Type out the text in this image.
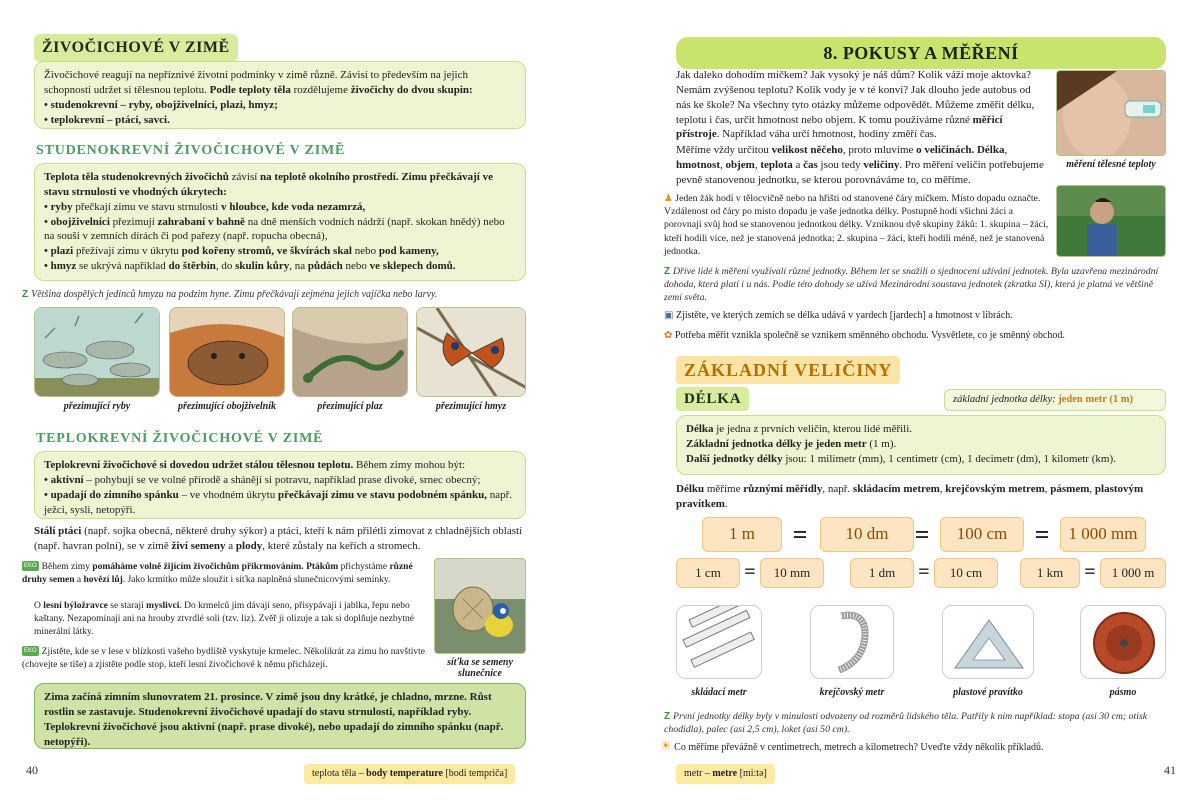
ŽIVOČICHOVÉ V ZIMĚ

Živočichové reagují na nepříznivé životní podmínky v zimě různě. Závisí to především na jejich schopnosti udržet si tělesnou teplotu. Podle teploty těla rozdělujeme živočichy do dvou skupin:

• studenokrevní – ryby, obojživelníci, plazi, hmyz;

• teplokrevní – ptáci, savci.

STUDENOKREVNÍ ŽIVOČICHOVÉ V ZIMĚ

Teplota těla studenokrevných živočichů závisí na teplotě okolního prostředí. Zimu přečkávají ve stavu strnulosti ve vhodných úkrytech:

• ryby přečkají zimu ve stavu strnulosti v hloubce, kde voda nezamrzá,

• obojživelníci přezimují zahrabaní v bahně na dně menších vodních nádrží (např. skokan hnědý) nebo na souši v zemních dírách či pod pařezy (např. ropucha obecná),

• plazi přežívají zimu v úkrytu pod kořeny stromů, ve škvírách skal nebo pod kameny,

• hmyz se ukrývá například do štěrbin, do skulin kůry, na půdách nebo ve sklepech domů.

Z Většina dospělých jedinců hmyzu na podzim hyne. Zimu přečkávají zejména jejich vajíčka nebo larvy.
přezimující ryby	přezimující obojživelník	přezimující plaz	přezimující hmyz
TEPLOKREVNÍ ŽIVOČICHOVÉ V ZIMĚ

Teplokrevní živočichové si dovedou udržet stálou tělesnou teplotu. Během zimy mohou být:

• aktivní – pohybují se ve volné přírodě a shánějí si potravu, například prase divoké, srnec obecný;

• upadají do zimního spánku – ve vhodném úkrytu přečkávají zimu ve stavu podobném spánku, např. ježci, sysli, netopýři.

Stálí ptáci (např. sojka obecná, některé druhy sýkor) a ptáci, kteří k nám přilétli zimovat z chladnějších oblastí (např. havran polní), se v zimě živí semeny a plody, které zůstaly na keřích a stromech.
EKO Během zimy pomáháme volně žijícím živočichům přikrmováním. Ptákům přichystáme různé druhy semen a hovězí lůj. Jako krmítko může sloužit i síťka naplněná slunečnicovými semínky.
O lesní býložravce se starají myslivci. Do krmelců jim dávají seno, přisypávají i jablka, řepu nebo kaštany. Nezapomínají ani na hrouby ztvrdlé soli (tzv. liz). Zvěř ji olizuje a tak si doplňuje nezbytné minerální látky.
EKO Zjistěte, kde se v lese v blízkosti vašeho bydliště vyskytuje krmelec. Několikrát za zimu ho navštivte (chovejte se tiše) a zjistěte podle stop, kteří lesní živočichové k němu přicházejí.	síťka se semeny
slunečnice
Zima začíná zimním slunovratem 21. prosince. V zimě jsou dny krátké, je chladno, mrzne. Růst rostlin se zastavuje. Studenokrevní živočichové upadají do stavu strnulosti, například ryby. Teplokrevní živočichové jsou aktivní (např. prase divoké), nebo upadají do zimního spánku (např. netopýři).
40	teplota těla – body temperature [bodi tempriča]
8. POKUSY A MĚŘENÍ
Jak daleko dohodím míčkem? Jak vysoký je náš dům? Kolik váží moje aktovka? Nemám zvýšenou teplotu? Kolik vody je v té konvi? Jak dlouho jede autobus od nás ke škole? Na všechny tyto otázky můžeme odpovědět. Můžeme změřit délku, teplotu i čas, určit hmotnost nebo objem. K tomu používáme různé měřicí přístroje. Například váha určí hmotnost, hodiny změří čas.
Měříme vždy určitou velikost něčeho, proto mluvíme o veličinách. Délka, hmotnost, objem, teplota a čas jsou tedy veličiny. Pro měření veličin potřebujeme pevně stanovenou jednotku, se kterou porovnáváme to, co měříme.
měření tělesné teploty
♟ Jeden žák hodí v tělocvičně nebo na hřišti od stanovené čáry míčkem. Místo dopadu označte. Vzdálenost od čáry po místo dopadu je vaše jednotka délky. Postupně hodí všichni žáci a porovnají svůj hod se stanovenou jednotkou délky. Vzniknou dvě skupiny žáků: 1. skupina – žáci, kteří hodili více, než je stanovená jednotka; 2. skupina – žáci, kteří hodili méně, než je stanovená jednotka.
Z Dříve lidé k měření využívali různé jednotky. Během let se snažili o sjednocení užívání jednotek. Byla uzavřena mezinárodní dohoda, která platí i u nás. Podle této dohody se užívá Mezinárodní soustava jednotek (zkratka SI), která je platná ve většině zemí světa.
▣ Zjistěte, ve kterých zemích se délka udává v yardech [jardech] a hmotnost v librách.
✿ Potřeba měřit vznikla společně se vznikem směnného obchodu. Vysvětlete, co je směnný obchod.
ZÁKLADNÍ VELIČINY
DÉLKA	základní jednotka délky: jeden metr (1 m)

Délka je jedna z prvních veličin, kterou lidé měřili.

Základní jednotka délky je jeden metr (1 m).

Další jednotky délky jsou: 1 milimetr (mm), 1 centimetr (cm), 1 decimetr (dm), 1 kilometr (km).

Délku měříme různými měřidly, např. skládacím metrem, krejčovským metrem, pásmem, plastovým pravítkem.
1 m	=	10 dm	=	100 cm	=	1 000 mm
1 cm	=	10 mm	1 dm	=	10 cm	1 km	=	1 000 m
skládací metr	krejčovský metr	plastové pravítko	pásmo
Z První jednotky délky byly v minulosti odvozeny od rozměrů lidského těla. Patřily k nim například: stopa (asi 30 cm; otisk chodidla), palec (asi 2,5 cm), loket (asi 50 cm).
☀ Co měříme převážně v centimetrech, metrech a kilometrech? Uveďte vždy několik příkladů.
metr – metre [mi:tə]	41
